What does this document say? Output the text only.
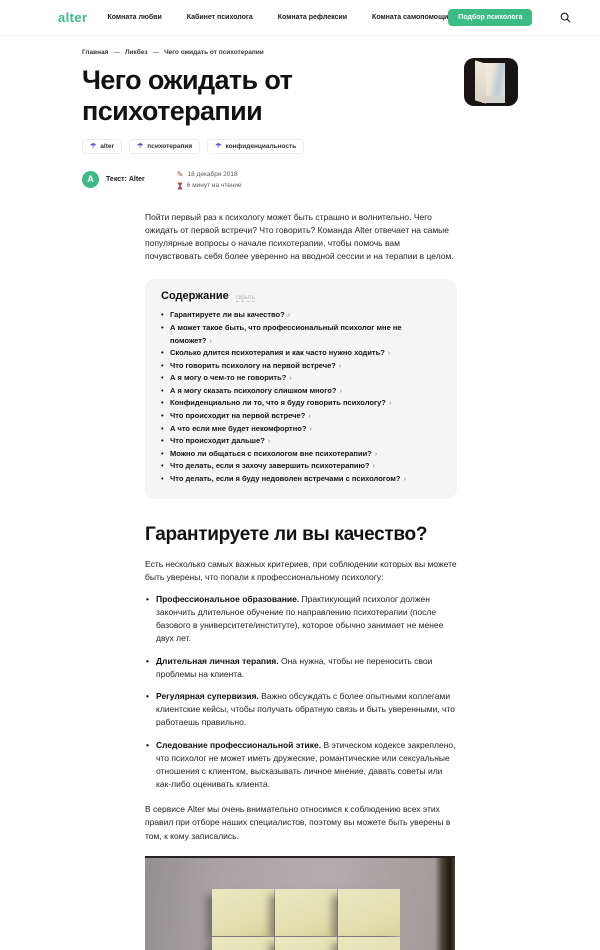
alter	Комната любви	Кабинет психолога	Комната рефлексии	Комната самопомощи	Подбор психолога
Главная — Ликбез — Чего ожидать от психотерапии
Чего ожидать от психотерапии
☂ alter	☂ психотерапия	☂ конфиденциальность
A	Текст: Alter
✎ 18 декабря 2018
6 минут на чтение

Пойти первый раз к психологу может быть страшно и волнительно. Чего ожидать от первой встречи? Что говорить? Команда Alter отвечает на самые популярные вопросы о начале психотерапии, чтобы помочь вам почувствовать себя более уверенно на вводной сессии и на терапии в целом.

Содержание скрыть
• Гарантируете ли вы качество? ›
• А может такое быть, что профессиональный психолог мне не поможет? ›
• Сколько длится психотерапия и как часто нужно ходить? ›
• Что говорить психологу на первой встрече? ›
• А я могу о чем-то не говорить? ›
• А я могу сказать психологу слишком много? ›
• Конфиденциально ли то, что я буду говорить психологу? ›
• Что происходит на первой встрече? ›
• А что если мне будет некомфортно? ›
• Что происходит дальше? ›
• Можно ли общаться с психологом вне психотерапии? ›
• Что делать, если я захочу завершить психотерапию? ›
• Что делать, если я буду недоволен встречами с психологом? ›
Гарантируете ли вы качество?

Есть несколько самых важных критериев, при соблюдении которых вы можете быть уверены, что попали к профессиональному психологу:

• Профессиональное образование. Практикующий психолог должен закончить длительное обучение по направлению психотерапии (после базового в университете/институте), которое обычно занимает не менее двух лет.
• Длительная личная терапия. Она нужна, чтобы не переносить свои проблемы на клиента.
• Регулярная супервизия. Важно обсуждать с более опытными коллегами клиентские кейсы, чтобы получать обратную связь и быть уверенными, что работаешь правильно.
• Следование профессиональной этике. В этическом кодексе закреплено, что психолог не может иметь дружеские, романтические или сексуальные отношения с клиентом, высказывать личное мнение, давать советы или как-либо оценивать клиента.

В сервисе Alter мы очень внимательно относимся к соблюдению всех этих правил при отборе наших специалистов, поэтому вы можете быть уверены в том, к кому записались.
